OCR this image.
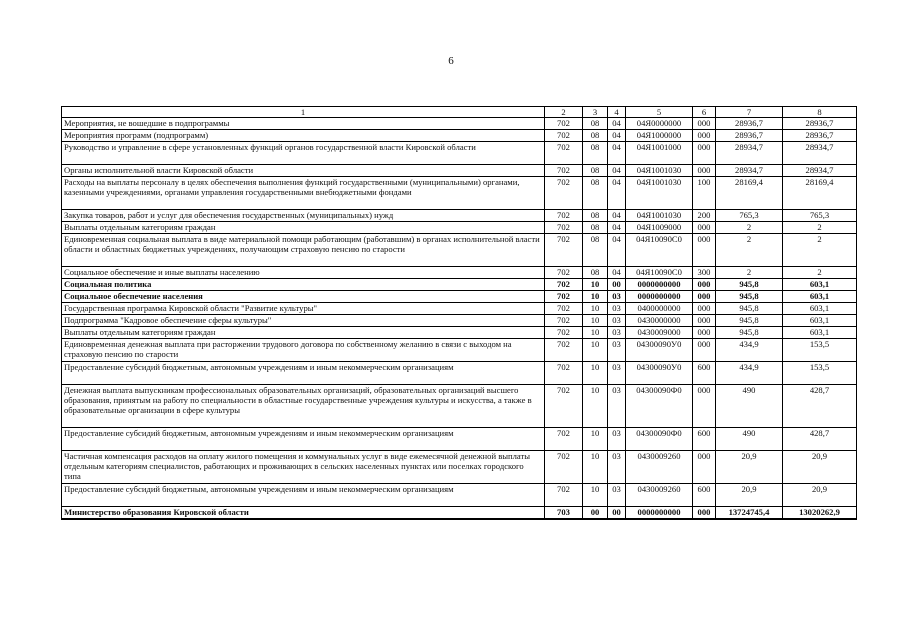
6
1	2	3	4	5	6	7	8
Мероприятия, не вошедшие в подпрограммы	702	08	04	04Я0000000	000	28936,7	28936,7
Мероприятия программ (подпрограмм)	702	08	04	04Я1000000	000	28936,7	28936,7
Руководство и управление в сфере установленных функций органов государственной власти Кировской области	702	08	04	04Я1001000	000	28934,7	28934,7
Органы исполнительной власти Кировской области	702	08	04	04Я1001030	000	28934,7	28934,7
Расходы на выплаты персоналу в целях обеспечения выполнения функций государственными (муниципальными) органами, казенными учреждениями, органами управления государственными внебюджетными фондами	702	08	04	04Я1001030	100	28169,4	28169,4
Закупка товаров, работ и услуг для обеспечения государственных (муниципальных) нужд	702	08	04	04Я1001030	200	765,3	765,3
Выплаты отдельным категориям граждан	702	08	04	04Я1009000	000	2	2
Единовременная социальная выплата в виде материальной помощи работающим (работавшим) в органах исполнительной власти области и областных бюджетных учреждениях, получающим страховую пенсию по старости	702	08	04	04Я10090С0	000	2	2
Социальное обеспечение и иные выплаты населению	702	08	04	04Я10090С0	300	2	2
Социальная политика	702	10	00	0000000000	000	945,8	603,1
Социальное обеспечение населения	702	10	03	0000000000	000	945,8	603,1
Государственная программа Кировской области "Развитие культуры"	702	10	03	0400000000	000	945,8	603,1
Подпрограмма "Кадровое обеспечение сферы культуры"	702	10	03	0430000000	000	945,8	603,1
Выплаты отдельным категориям граждан	702	10	03	0430009000	000	945,8	603,1
Единовременная денежная выплата при расторжении трудового договора по собственному желанию в связи с выходом на страховую пенсию по старости	702	10	03	04300090У0	000	434,9	153,5
Предоставление субсидий бюджетным, автономным учреждениям и иным некоммерческим организациям	702	10	03	04300090У0	600	434,9	153,5
Денежная выплата выпускникам профессиональных образовательных организаций, образовательных организаций высшего образования, принятым на работу по специальности в областные государственные учреждения культуры и искусства, а также в образовательные организации в сфере культуры	702	10	03	04300090Ф0	000	490	428,7
Предоставление субсидий бюджетным, автономным учреждениям и иным некоммерческим организациям	702	10	03	04300090Ф0	600	490	428,7
Частичная компенсация расходов на оплату жилого помещения и коммунальных услуг в виде ежемесячной денежной выплаты отдельным категориям специалистов, работающих и проживающих в сельских населенных пунктах или поселках городского типа	702	10	03	0430009260	000	20,9	20,9
Предоставление субсидий бюджетным, автономным учреждениям и иным некоммерческим организациям	702	10	03	0430009260	600	20,9	20,9
Министерство образования Кировской области	703	00	00	0000000000	000	13724745,4	13020262,9
